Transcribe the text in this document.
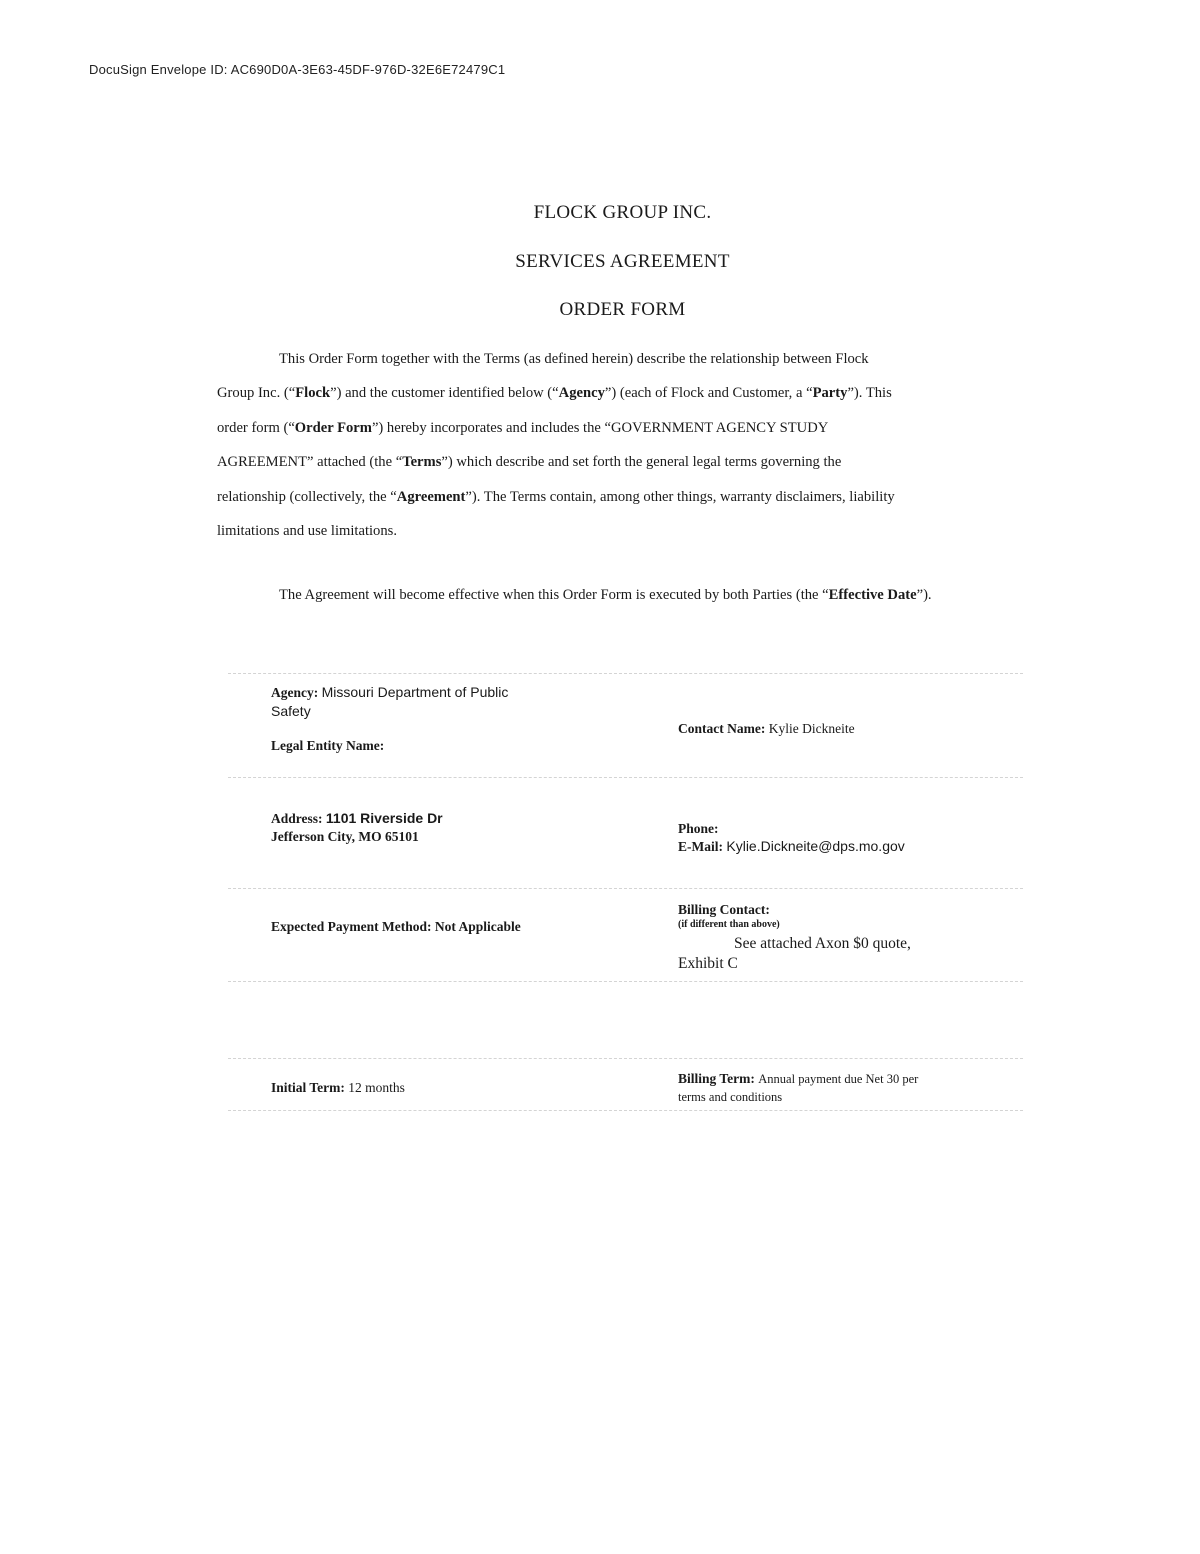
DocuSign Envelope ID: AC690D0A-3E63-45DF-976D-32E6E72479C1

FLOCK GROUP INC.
SERVICES AGREEMENT
ORDER FORM

This Order Form together with the Terms (as defined herein) describe the relationship between Flock
Group Inc. (“Flock”) and the customer identified below (“Agency”) (each of Flock and Customer, a “Party”). This
order form (“Order Form”) hereby incorporates and includes the “GOVERNMENT AGENCY STUDY
AGREEMENT” attached (the “Terms”) which describe and set forth the general legal terms governing the
relationship (collectively, the “Agreement”). The Terms contain, among other things, warranty disclaimers, liability
limitations and use limitations.

The Agreement will become effective when this Order Form is executed by both Parties (the “Effective Date”).

Agency: Missouri Department of Public
Safety
Legal Entity Name:
Contact Name: Kylie Dickneite
Address: 1101 Riverside Dr
Jefferson City, MO 65101
Phone:
E-Mail: Kylie.Dickneite@dps.mo.gov
Expected Payment Method: Not Applicable
Billing Contact:
(if different than above)
See attached Axon $0 quote,
Exhibit C
Initial Term: 12 months
Billing Term: Annual payment due Net 30 per
terms and conditions
